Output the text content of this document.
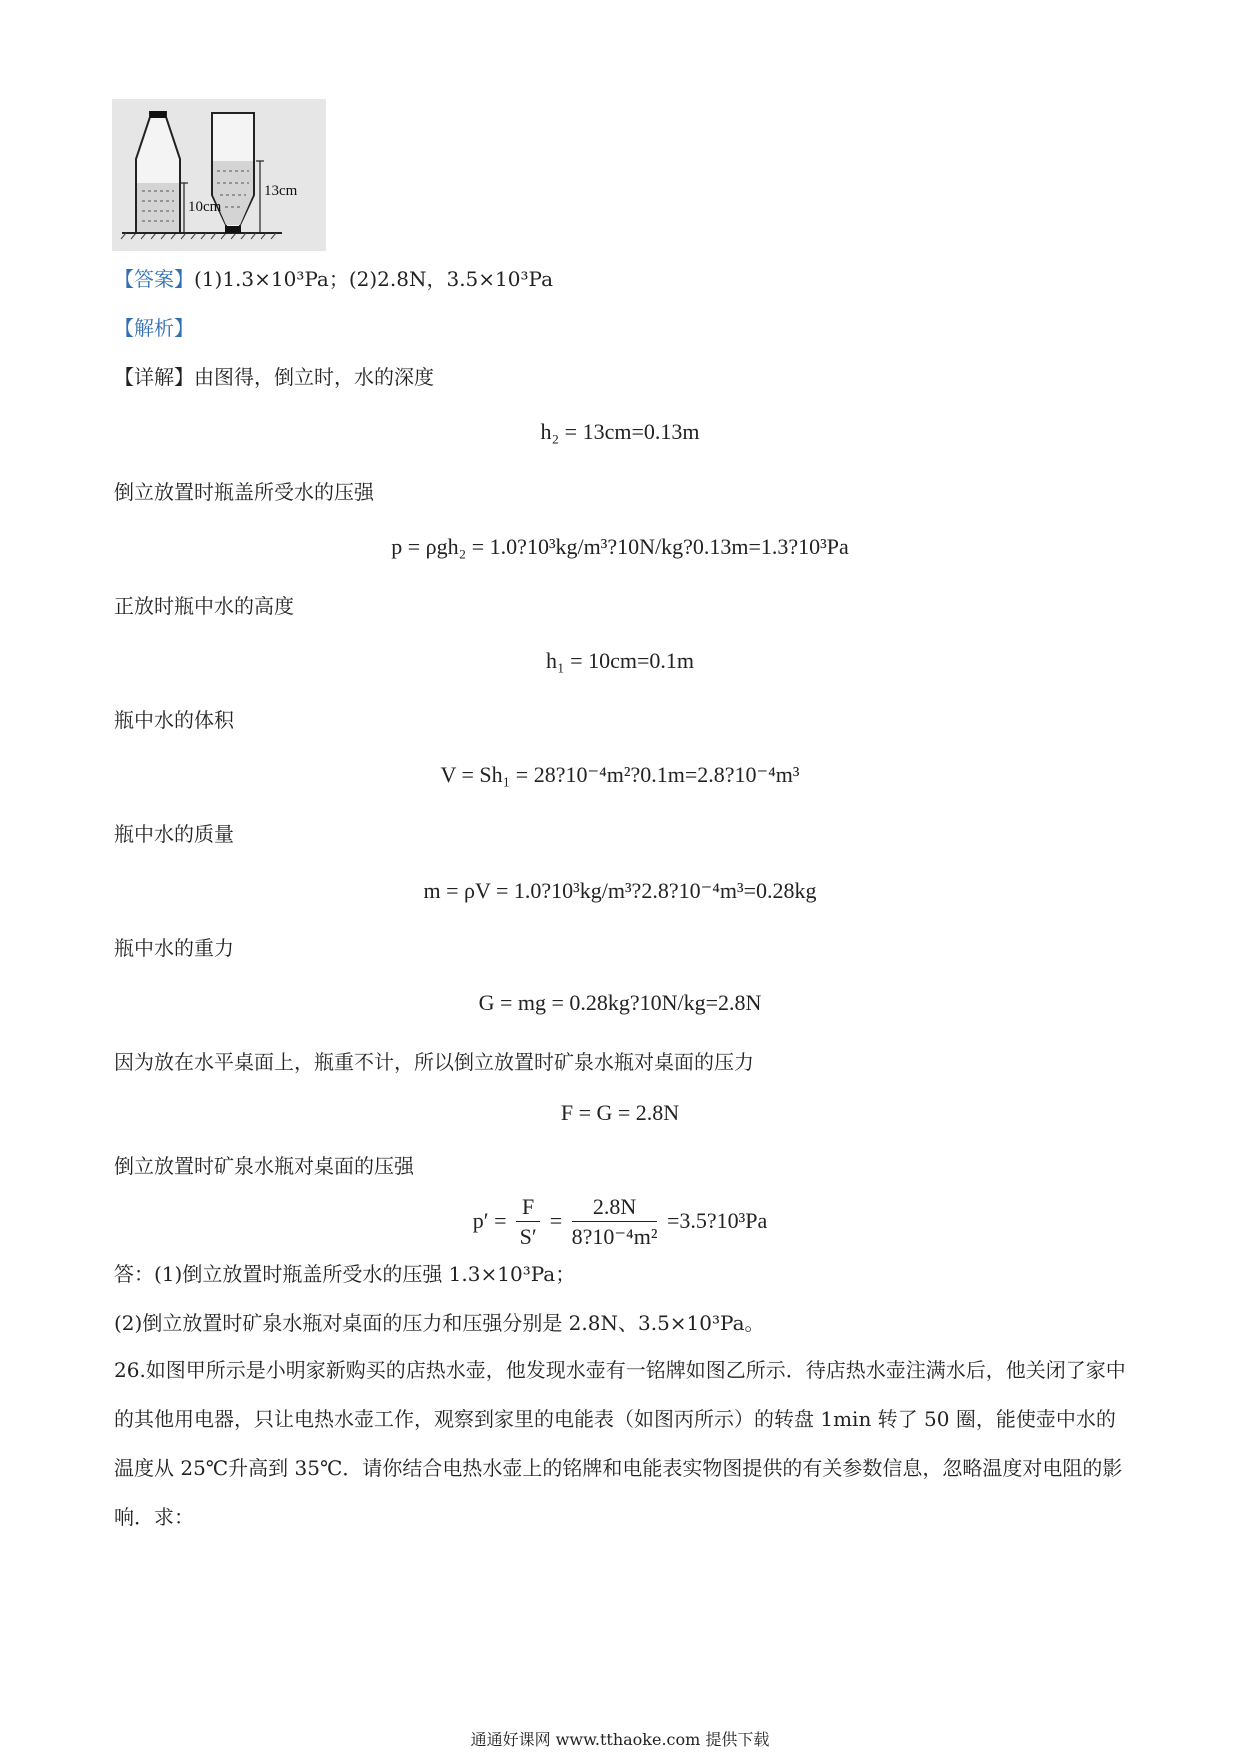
10cm
13cm
【答案】(1)1.3×10³Pa；(2)2.8N，3.5×10³Pa
【解析】
【详解】由图得，倒立时，水的深度
h₂ = 13cm=0.13m
倒立放置时瓶盖所受水的压强
p = ρgh₂ = 1.0?10³kg/m³?10N/kg?0.13m=1.3?10³Pa
正放时瓶中水的高度
h₁ = 10cm=0.1m
瓶中水的体积
V = Sh₁ = 28?10⁻⁴m²?0.1m=2.8?10⁻⁴m³
瓶中水的质量
m = ρV = 1.0?10³kg/m³?2.8?10⁻⁴m³=0.28kg
瓶中水的重力
G = mg = 0.28kg?10N/kg=2.8N
因为放在水平桌面上，瓶重不计，所以倒立放置时矿泉水瓶对桌面的压力
F = G = 2.8N
倒立放置时矿泉水瓶对桌面的压强
$p' = \frac{F}{S'} = \frac{2.8N}{\text{8?10⁻⁴m²}}$ =3.5?10³Pa
答：(1)倒立放置时瓶盖所受水的压强 1.3×10³Pa；
(2)倒立放置时矿泉水瓶对桌面的压力和压强分别是 2.8N、3.5×10³Pa。
26.如图甲所示是小明家新购买的店热水壶，他发现水壶有一铭牌如图乙所示．待店热水壶注满水后，他关闭了家中的其他用电器，只让电热水壶工作，观察到家里的电能表（如图丙所示）的转盘 1min 转了 50 圈，能使壶中水的温度从 25℃升高到 35℃．请你结合电热水壶上的铭牌和电能表实物图提供的有关参数信息，忽略温度对电阻的影响．求：
通通好课网 www.tthaoke.com 提供下载
